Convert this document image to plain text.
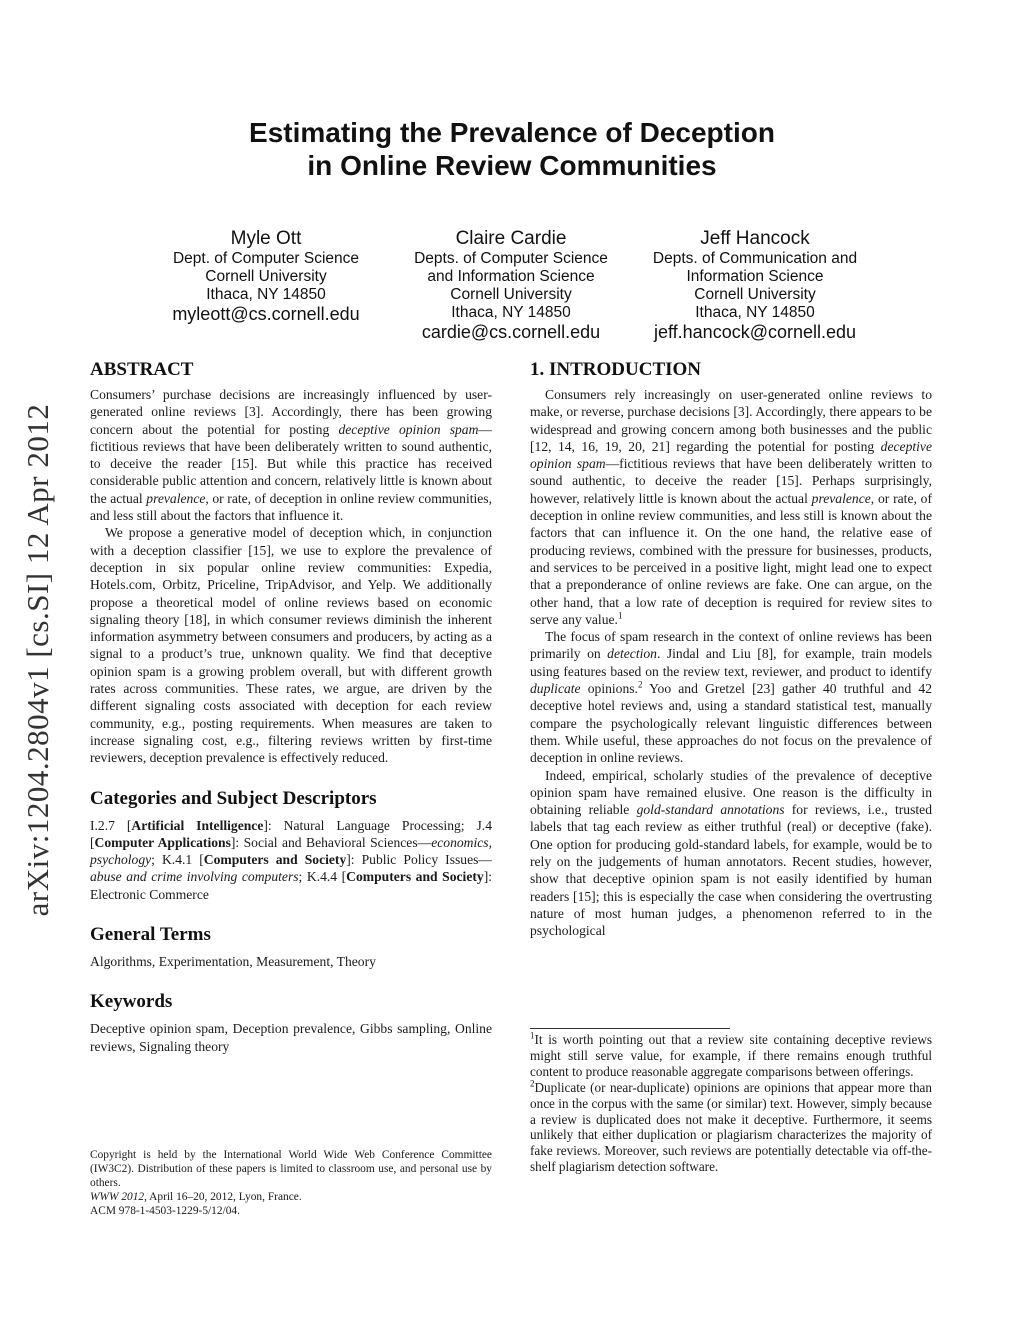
arXiv:1204.2804v1 [cs.SI] 12 Apr 2012
Estimating the Prevalence of Deception
in Online Review Communities
Myle Ott
Dept. of Computer Science
Cornell University
Ithaca, NY 14850
myleott@cs.cornell.edu
Claire Cardie
Depts. of Computer Science
and Information Science
Cornell University
Ithaca, NY 14850
cardie@cs.cornell.edu
Jeff Hancock
Depts. of Communication and
Information Science
Cornell University
Ithaca, NY 14850
jeff.hancock@cornell.edu
ABSTRACT

Consumers’ purchase decisions are increasingly influenced by user-generated online reviews [3]. Accordingly, there has been growing concern about the potential for posting deceptive opinion spam—fictitious reviews that have been deliberately written to sound authentic, to deceive the reader [15]. But while this practice has received considerable public attention and concern, relatively little is known about the actual prevalence, or rate, of deception in online review communities, and less still about the factors that influence it.

We propose a generative model of deception which, in conjunction with a deception classifier [15], we use to explore the prevalence of deception in six popular online review communities: Expedia, Hotels.com, Orbitz, Priceline, TripAdvisor, and Yelp. We additionally propose a theoretical model of online reviews based on economic signaling theory [18], in which consumer reviews diminish the inherent information asymmetry between consumers and producers, by acting as a signal to a product’s true, unknown quality. We find that deceptive opinion spam is a growing problem overall, but with different growth rates across communities. These rates, we argue, are driven by the different signaling costs associated with deception for each review community, e.g., posting requirements. When measures are taken to increase signaling cost, e.g., filtering reviews written by first-time reviewers, deception prevalence is effectively reduced.

Categories and Subject Descriptors

I.2.7 [Artificial Intelligence]: Natural Language Processing; J.4 [Computer Applications]: Social and Behavioral Sciences—economics, psychology; K.4.1 [Computers and Society]: Public Policy Issues—abuse and crime involving computers; K.4.4 [Computers and Society]: Electronic Commerce

General Terms

Algorithms, Experimentation, Measurement, Theory

Keywords

Deceptive opinion spam, Deception prevalence, Gibbs sampling, Online reviews, Signaling theory

Copyright is held by the International World Wide Web Conference Committee (IW3C2). Distribution of these papers is limited to classroom use, and personal use by others.
WWW 2012, April 16–20, 2012, Lyon, France.
ACM 978-1-4503-1229-5/12/04.
1. INTRODUCTION

Consumers rely increasingly on user-generated online reviews to make, or reverse, purchase decisions [3]. Accordingly, there appears to be widespread and growing concern among both businesses and the public [12, 14, 16, 19, 20, 21] regarding the potential for posting deceptive opinion spam—fictitious reviews that have been deliberately written to sound authentic, to deceive the reader [15]. Perhaps surprisingly, however, relatively little is known about the actual prevalence, or rate, of deception in online review communities, and less still is known about the factors that can influence it. On the one hand, the relative ease of producing reviews, combined with the pressure for businesses, products, and services to be perceived in a positive light, might lead one to expect that a preponderance of online reviews are fake. One can argue, on the other hand, that a low rate of deception is required for review sites to serve any value.$^1$

The focus of spam research in the context of online reviews has been primarily on detection. Jindal and Liu [8], for example, train models using features based on the review text, reviewer, and product to identify duplicate opinions.$^2$ Yoo and Gretzel [23] gather 40 truthful and 42 deceptive hotel reviews and, using a standard statistical test, manually compare the psychologically relevant linguistic differences between them. While useful, these approaches do not focus on the prevalence of deception in online reviews.

Indeed, empirical, scholarly studies of the prevalence of deceptive opinion spam have remained elusive. One reason is the difficulty in obtaining reliable gold-standard annotations for reviews, i.e., trusted labels that tag each review as either truthful (real) or deceptive (fake). One option for producing gold-standard labels, for example, would be to rely on the judgements of human annotators. Recent studies, however, show that deceptive opinion spam is not easily identified by human readers [15]; this is especially the case when considering the overtrusting nature of most human judges, a phenomenon referred to in the psychological

$^1$It is worth pointing out that a review site containing deceptive reviews might still serve value, for example, if there remains enough truthful content to produce reasonable aggregate comparisons between offerings.

$^2$Duplicate (or near-duplicate) opinions are opinions that appear more than once in the corpus with the same (or similar) text. However, simply because a review is duplicated does not make it deceptive. Furthermore, it seems unlikely that either duplication or plagiarism characterizes the majority of fake reviews. Moreover, such reviews are potentially detectable via off-the-shelf plagiarism detection software.
